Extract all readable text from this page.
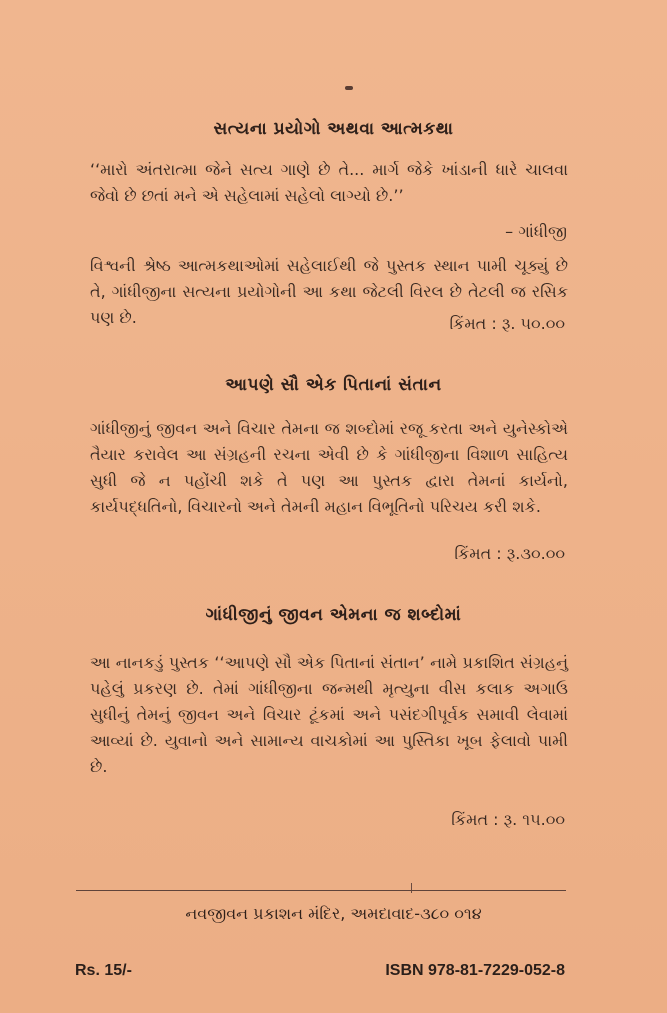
સત્યના પ્રયોગો અથવા આત્મકથા
‘‘મારો અંતરાત્મા જેને સત્ય ગાણે છે તે... માર્ગ જેકે ખાંડાની ધારે ચાલવા જેવો છે છતાં મને એ સહેલામાં સહેલો લાગ્યો છે.’’
– ગાંધીજી
વિશ્વની શ્રેષ્ઠ આત્મકથાઓમાં સહેલાઈથી જે પુસ્તક સ્થાન પામી ચૂક્યું છે તે, ગાંધીજીના સત્યના પ્રયોગોની આ કથા જેટલી વિરલ છે તેટલી જ રસિક પણ છે.	કિંમત : રૂ. ૫૦.૦૦
આપણે સૌ એક પિતાનાં સંતાન
ગાંધીજીનું જીવન અને વિચાર તેમના જ શબ્દોમાં રજૂ કરતા અને યુનેસ્કોએ તૈયાર કરાવેલ આ સંગ્રહની રચના એવી છે કે ગાંધીજીના વિશાળ સાહિત્ય સુધી જે ન પહોંચી શકે તે પણ આ પુસ્તક દ્વારા તેમનાં કાર્યનો, કાર્યપદ્ધતિનો, વિચારનો અને તેમની મહાન વિભૂતિનો પરિચય કરી શકે.
કિંમત : રૂ.૩૦.૦૦
ગાંધીજીનું જીવન એમના જ શબ્દોમાં
આ નાનકડું પુસ્તક ‘‘આપણે સૌ એક પિતાનાં સંતાન’ નામે પ્રકાશિત સંગ્રહનું પહેલું પ્રકરણ છે. તેમાં ગાંધીજીના જન્મથી મૃત્યુના વીસ કલાક અગાઉ સુધીનું તેમનું જીવન અને વિચાર ટૂંકમાં અને પસંદગીપૂર્વક સમાવી લેવામાં આવ્યાં છે. યુવાનો અને સામાન્ય વાચકોમાં આ પુસ્તિકા ખૂબ ફેલાવો પામી છે.
કિંમત : રૂ. ૧૫.૦૦
નવજીવન પ્રકાશન મંદિર, અમદાવાદ-૩૮૦ ૦૧૪
Rs. 15/-	ISBN 978-81-7229-052-8
